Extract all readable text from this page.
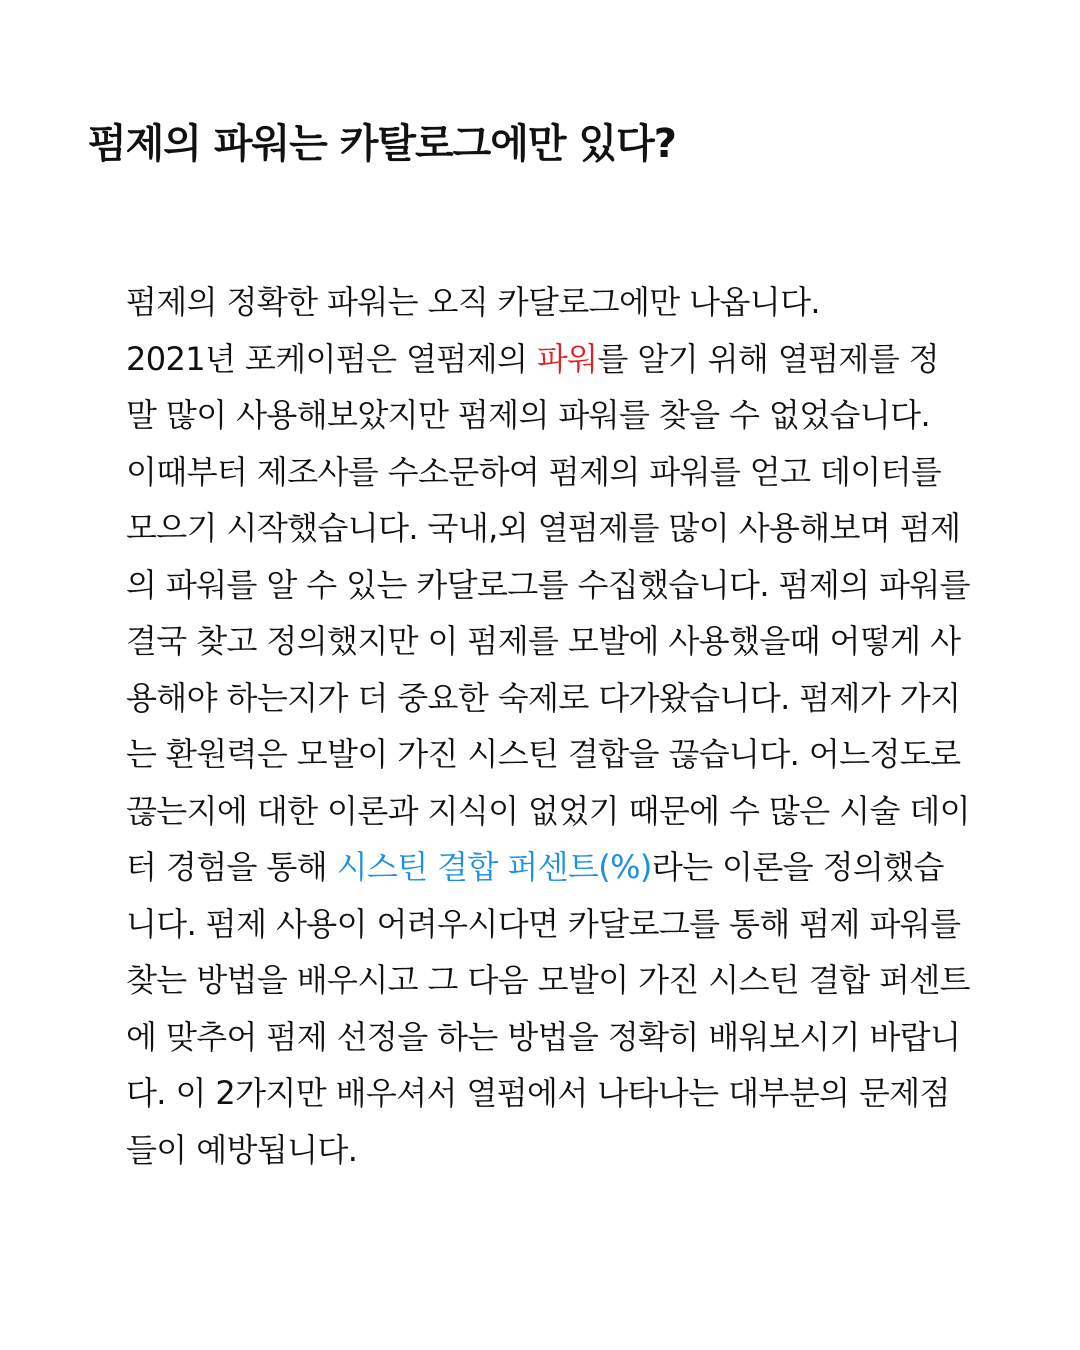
펌제의 파워는 카탈로그에만 있다?
펌제의 정확한 파워는 오직 카달로그에만 나옵니다.
2021년 포케이펌은 열펌제의 파워를 알기 위해 열펌제를 정
말 많이 사용해보았지만 펌제의 파워를 찾을 수 없었습니다.
이때부터 제조사를 수소문하여 펌제의 파워를 얻고 데이터를
모으기 시작했습니다. 국내,외 열펌제를 많이 사용해보며 펌제
의 파워를 알 수 있는 카달로그를 수집했습니다. 펌제의 파워를
결국 찾고 정의했지만 이 펌제를 모발에 사용했을때 어떻게 사
용해야 하는지가 더 중요한 숙제로 다가왔습니다. 펌제가 가지
는 환원력은 모발이 가진 시스틴 결합을 끊습니다. 어느정도로
끊는지에 대한 이론과 지식이 없었기 때문에 수 많은 시술 데이
터 경험을 통해 시스틴 결합 퍼센트(%)라는 이론을 정의했습
니다. 펌제 사용이 어려우시다면 카달로그를 통해 펌제 파워를
찾는 방법을 배우시고 그 다음 모발이 가진 시스틴 결합 퍼센트
에 맞추어 펌제 선정을 하는 방법을 정확히 배워보시기 바랍니
다. 이 2가지만 배우셔서 열펌에서 나타나는 대부분의 문제점
들이 예방됩니다.
